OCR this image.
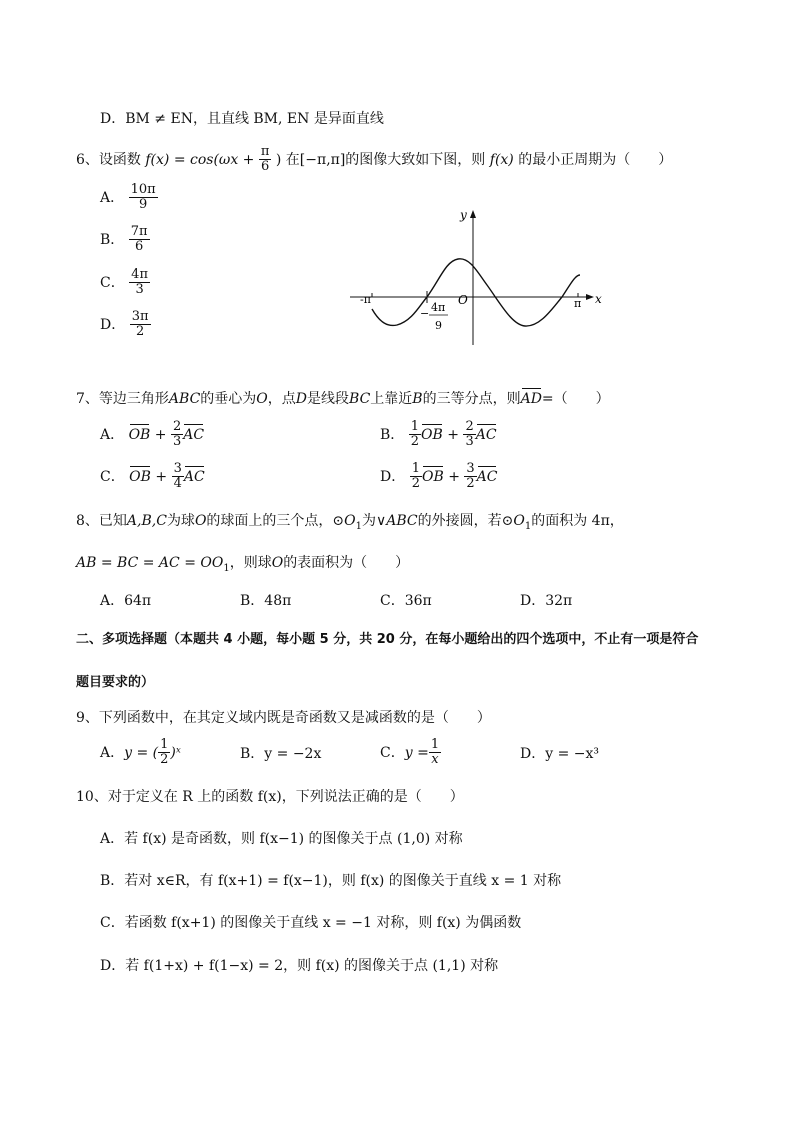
D．BM ≠ EN，且直线 BM, EN 是异面直线
6、设函数 $f(x) = \cos(\omega x + \frac{\pi}{6}$ ) 在[−π,π]的图像大致如下图，则 f(x) 的最小正周期为（　　）
A． $\frac{10\pi}{9}$
B． $\frac{7\pi}{6}$
C． $\frac{4\pi}{3}$
D． $\frac{3\pi}{2}$
y
x
O
-π	π
− 4π
9
7、等边三角形ABC的垂心为O，点D是线段BC上靠近B的三等分点，则AD=（　　）
A． OB + $\frac{2}{3}$ AC	B． $\frac{1}{2}$ OB + $\frac{2}{3}$ AC
C． OB + $\frac{3}{4}$ AC	D． $\frac{1}{2}$ OB + $\frac{3}{2}$ AC
8、已知A,B,C为球O的球面上的三个点，$⊙O_1$为∨ABC的外接圆，若$⊙O_1$的面积为 4π，
AB = BC = AC = $OO_1$，则球O的表面积为（　　）
A．64π	B．48π	C．36π	D．32π
二、多项选择题（本题共 4 小题，每小题 5 分，共 20 分，在每小题给出的四个选项中，不止有一项是符合
题目要求的）
9、下列函数中，在其定义域内既是奇函数又是减函数的是（　　）
A．y = ( $\frac{1}{2}$ )ˣ	B．y = −2x	C．$y = \frac{1}{x}$	D．y = −x³
10、对于定义在 R 上的函数 f(x)，下列说法正确的是（　　）
A．若 f(x) 是奇函数，则 f(x−1) 的图像关于点 (1,0) 对称
B．若对 x∈R，有 f(x+1) = f(x−1)，则 f(x) 的图像关于直线 x = 1 对称
C．若函数 f(x+1) 的图像关于直线 x = −1 对称，则 f(x) 为偶函数
D．若 f(1+x) + f(1−x) = 2，则 f(x) 的图像关于点 (1,1) 对称
